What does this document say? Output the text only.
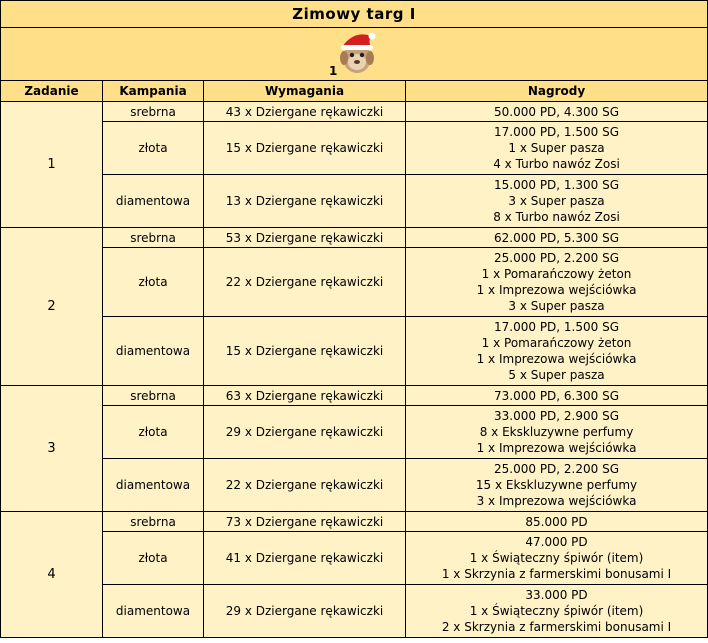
Zimowy targ I			

1			

Zadanie	Kampania	Wymagania	Nagrody
1	srebrna	43 x Dziergane rękawiczki	50.000 PD, 4.300 SG

	złota	15 x Dziergane rękawiczki	17.000 PD, 1.500 SG
1 x Super pasza
4 x Turbo nawóz Zosi

	diamentowa	13 x Dziergane rękawiczki	15.000 PD, 1.300 SG
3 x Super pasza
8 x Turbo nawóz Zosi

2	srebrna	53 x Dziergane rękawiczki	62.000 PD, 5.300 SG

	złota	22 x Dziergane rękawiczki	25.000 PD, 2.200 SG
1 x Pomarańczowy żeton
1 x Imprezowa wejściówka
3 x Super pasza

	diamentowa	15 x Dziergane rękawiczki	17.000 PD, 1.500 SG
1 x Pomarańczowy żeton
1 x Imprezowa wejściówka
5 x Super pasza

3	srebrna	63 x Dziergane rękawiczki	73.000 PD, 6.300 SG

	złota	29 x Dziergane rękawiczki	33.000 PD, 2.900 SG
8 x Ekskluzywne perfumy
1 x Imprezowa wejściówka

	diamentowa	22 x Dziergane rękawiczki	25.000 PD, 2.200 SG
15 x Ekskluzywne perfumy
3 x Imprezowa wejściówka

4	srebrna	73 x Dziergane rękawiczki	85.000 PD

	złota	41 x Dziergane rękawiczki	47.000 PD
1 x Świąteczny śpiwór (item)
1 x Skrzynia z farmerskimi bonusami I

	diamentowa	29 x Dziergane rękawiczki	33.000 PD
1 x Świąteczny śpiwór (item)
2 x Skrzynia z farmerskimi bonusami I
